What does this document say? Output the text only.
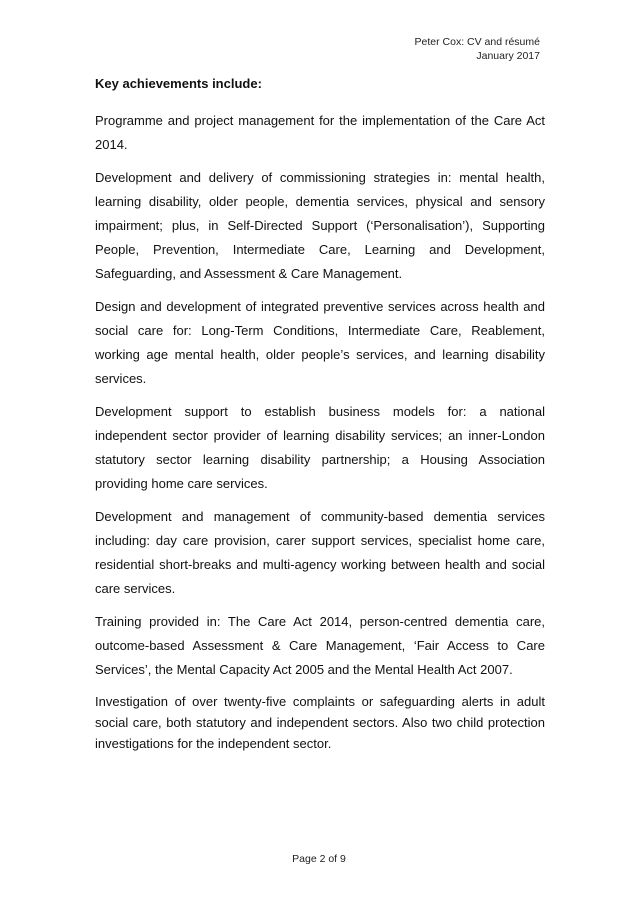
Peter Cox: CV and résumé
January 2017
Key achievements include:

Programme and project management for the implementation of the Care Act 2014.

Development and delivery of commissioning strategies in: mental health, learning disability, older people, dementia services, physical and sensory impairment; plus, in Self-Directed Support (‘Personalisation’), Supporting People, Prevention, Intermediate Care, Learning and Development, Safeguarding, and Assessment & Care Management.

Design and development of integrated preventive services across health and social care for: Long-Term Conditions, Intermediate Care, Reablement, working age mental health, older people’s services, and learning disability services.

Development support to establish business models for: a national independent sector provider of learning disability services; an inner-London statutory sector learning disability partnership; a Housing Association providing home care services.

Development and management of community-based dementia services including: day care provision, carer support services, specialist home care, residential short-breaks and multi-agency working between health and social care services.

Training provided in: The Care Act 2014, person-centred dementia care, outcome-based Assessment & Care Management, ‘Fair Access to Care Services’, the Mental Capacity Act 2005 and the Mental Health Act 2007.

Investigation of over twenty-five complaints or safeguarding alerts in adult social care, both statutory and independent sectors. Also two child protection investigations for the independent sector.

Page 2 of 9
